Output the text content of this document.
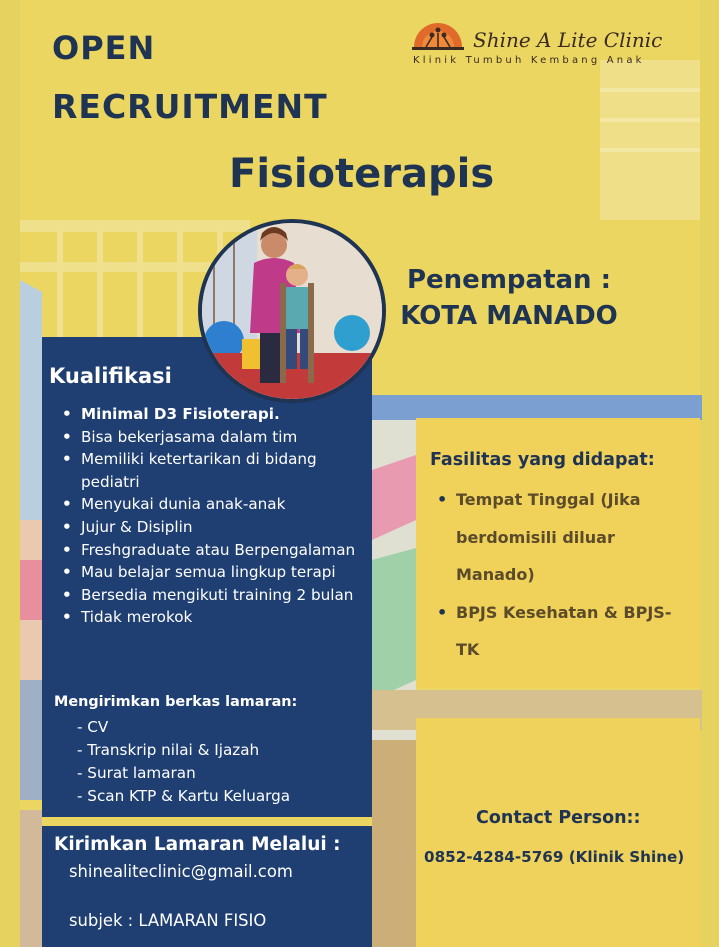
Shine A Lite Clinic
Klinik Tumbuh Kembang Anak
OPEN
RECRUITMENT
Fisioterapis
Penempatan :
KOTA MANADO
Kualifikasi
• Minimal D3 Fisioterapi.
• Bisa bekerjasama dalam tim
• Memiliki ketertarikan di bidang pediatri
• Menyukai dunia anak-anak
• Jujur & Disiplin
• Freshgraduate atau Berpengalaman
• Mau belajar semua lingkup terapi
• Bersedia mengikuti training 2 bulan
• Tidak merokok
Mengirimkan berkas lamaran:
- CV
- Transkrip nilai & Ijazah
- Surat lamaran
- Scan KTP & Kartu Keluarga
Kirimkan Lamaran Melalui :
shinealiteclinic@gmail.com
subjek : LAMARAN FISIO
Fasilitas yang didapat:
• Tempat Tinggal (Jika berdomisili diluar Manado)
• BPJS Kesehatan & BPJS-TK
Contact Person::
0852-4284-5769 (Klinik Shine)
